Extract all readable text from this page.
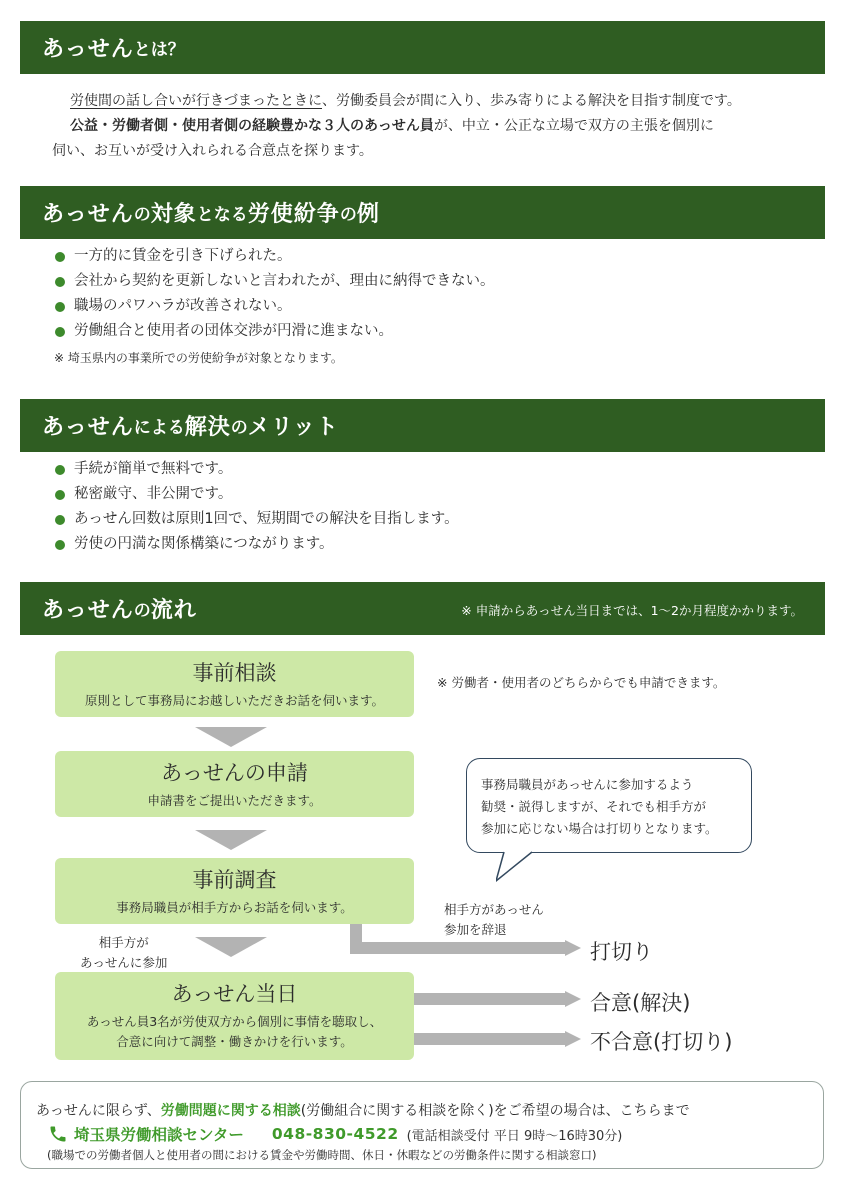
あっせん とは？

労使間の話し合いが行きづまったときに、労働委員会が間に入り、歩み寄りによる解決を目指す制度です。

公益・労働者側・使用者側の経験豊かな３人のあっせん員が、中立・公正な立場で双方の主張を個別に

伺い、お互いが受け入れられる合意点を探ります。

あっせん の 対象 となる 労使紛争 の 例
一方的に賃金を引き下げられた。
会社から契約を更新しないと言われたが、理由に納得できない。
職場のパワハラが改善されない。
労働組合と使用者の団体交渉が円滑に進まない。
※ 埼玉県内の事業所での労使紛争が対象となります。
あっせん による 解決 の メリット
手続が簡単で無料です。
秘密厳守、非公開です。
あっせん回数は原則1回で、短期間での解決を目指します。
労使の円満な関係構築につながります。
あっせん の 流れ	※ 申請からあっせん当日までは、1～2か月程度かかります。
事前相談
原則として事務局にお越しいただきお話を伺います。
※ 労働者・使用者のどちらからでも申請できます。
あっせんの申請
申請書をご提出いただきます。
事務局職員があっせんに参加するよう
勧奨・説得しますが、それでも相手方が
参加に応じない場合は打切りとなります。
事前調査
事務局職員が相手方からお話を伺います。	相手方があっせん
参加を辞退
打切り
相手方が
あっせんに参加
あっせん当日
あっせん員3名が労使双方から個別に事情を聴取し、
合意に向けて調整・働きかけを行います。
合意(解決)
不合意(打切り)
あっせんに限らず、労働問題に関する相談(労働組合に関する相談を除く)をご希望の場合は、こちらまで
埼玉県労働相談センター 048-830-4522 (電話相談受付 平日 9時～16時30分)
(職場での労働者個人と使用者の間における賃金や労働時間、休日・休暇などの労働条件に関する相談窓口)
